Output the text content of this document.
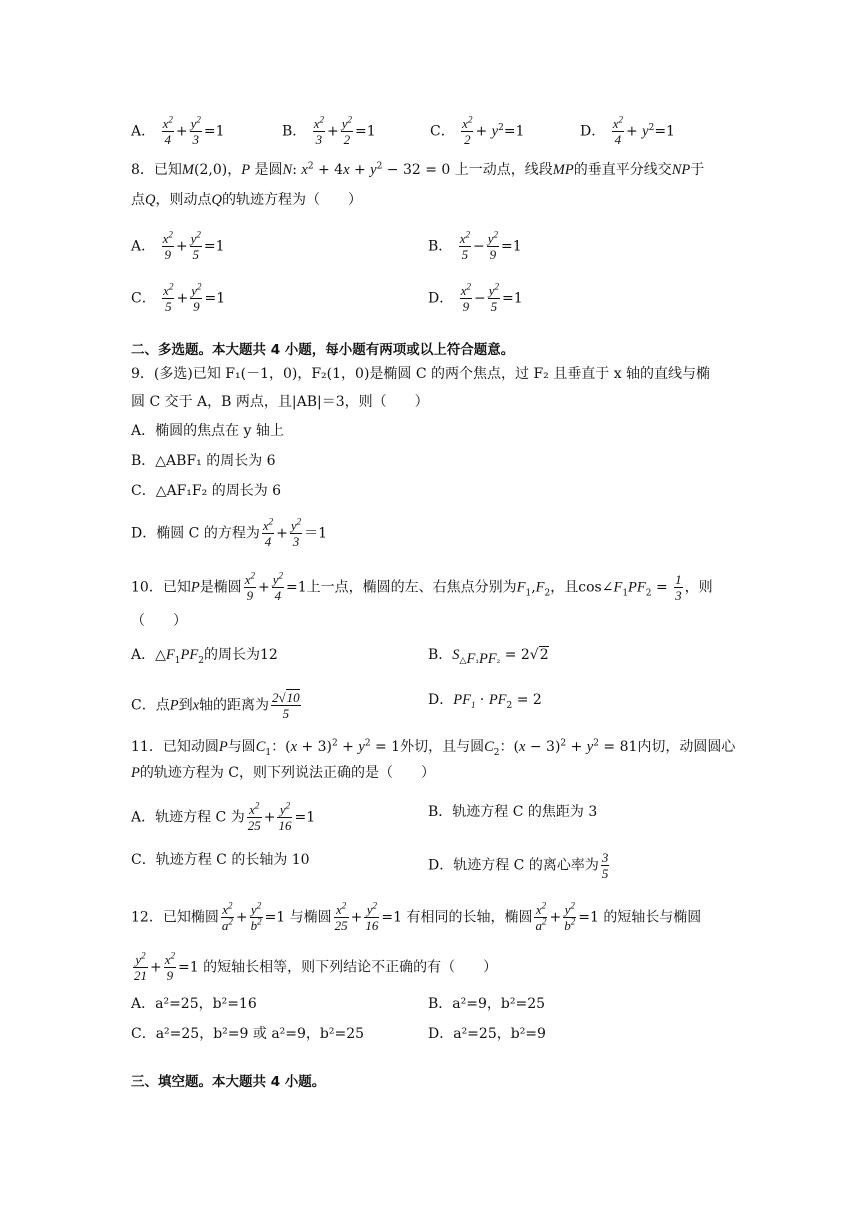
A． $\frac{x^2}{4} + \frac{y^2}{3} =1$	B． $\frac{x^2}{3} + \frac{y^2}{2} =1$	C． $\frac{x^2}{2} + y^2=1$	D． $\frac{x^2}{4} + y^2=1$
8．已知M(2,0)，P 是圆N: $x^2 + 4x + y^2 - 32 = 0$ 上一动点，线段MP的垂直平分线交NP于
点Q，则动点Q的轨迹方程为（　　）
A． $\frac{x^2}{9} + \frac{y^2}{5} =1$	B． $\frac{x^2}{5} - \frac{y^2}{9} =1$
C． $\frac{x^2}{5} + \frac{y^2}{9} =1$	D． $\frac{x^2}{9} - \frac{y^2}{5} =1$
二、多选题。本大题共 4 小题，每小题有两项或以上符合题意。
9．(多选)已知 F₁(－1，0)，F₂(1，0)是椭圆 C 的两个焦点，过 F₂ 且垂直于 x 轴的直线与椭
圆 C 交于 A，B 两点，且|AB|＝3，则（　　）
A．椭圆的焦点在 y 轴上
B．△ABF₁ 的周长为 6
C．△AF₁F₂ 的周长为 6
D．椭圆 C 的方程为 $\frac{x^2}{4} + \frac{y^2}{3} =1$
10．已知P是椭圆 $\frac{x^2}{9} + \frac{y^2}{4} =1$上一点，椭圆的左、右焦点分别为$F_1,F_2$，且$\cos\angle F_1PF_2 = \frac{1}{3}$ ，则
（　　）
A．$\triangle F_1PF_2$的周长为12	B．$S_{\triangle F_1PF_2} = 2√2$
C．点P到x轴的距离为 $\frac{2√10}{5}$	D．$PF_1 \cdot PF_2 = 2$
11．已知动圆P与圆$C_1$：$(x + 3)^2 + y^2 = 1$外切，且与圆$C_2$：$(x - 3)^2 + y^2 = 81$内切，动圆圆心
P的轨迹方程为 C，则下列说法正确的是（　　）
A．轨迹方程 C 为 $\frac{x^2}{25} + \frac{y^2}{16} =1$	B．轨迹方程 C 的焦距为 3
C．轨迹方程 C 的长轴为 10	D．轨迹方程 C 的离心率为 $\frac{3}{5}$
12．已知椭圆 $\frac{x^2}{a^2} + \frac{y^2}{b^2} =1$ 与椭圆 $\frac{x^2}{25} + \frac{y^2}{16} =1$ 有相同的长轴，椭圆 $\frac{x^2}{a^2} + \frac{y^2}{b^2} =1$ 的短轴长与椭圆
$\frac{y^2}{21} + \frac{x^2}{9} =1$ 的短轴长相等，则下列结论不正确的有（　　）
A．a²=25，b²=16	B．a²=9，b²=25
C．a²=25，b²=9 或 a²=9，b²=25	D．a²=25，b²=9
三、填空题。本大题共 4 小题。
